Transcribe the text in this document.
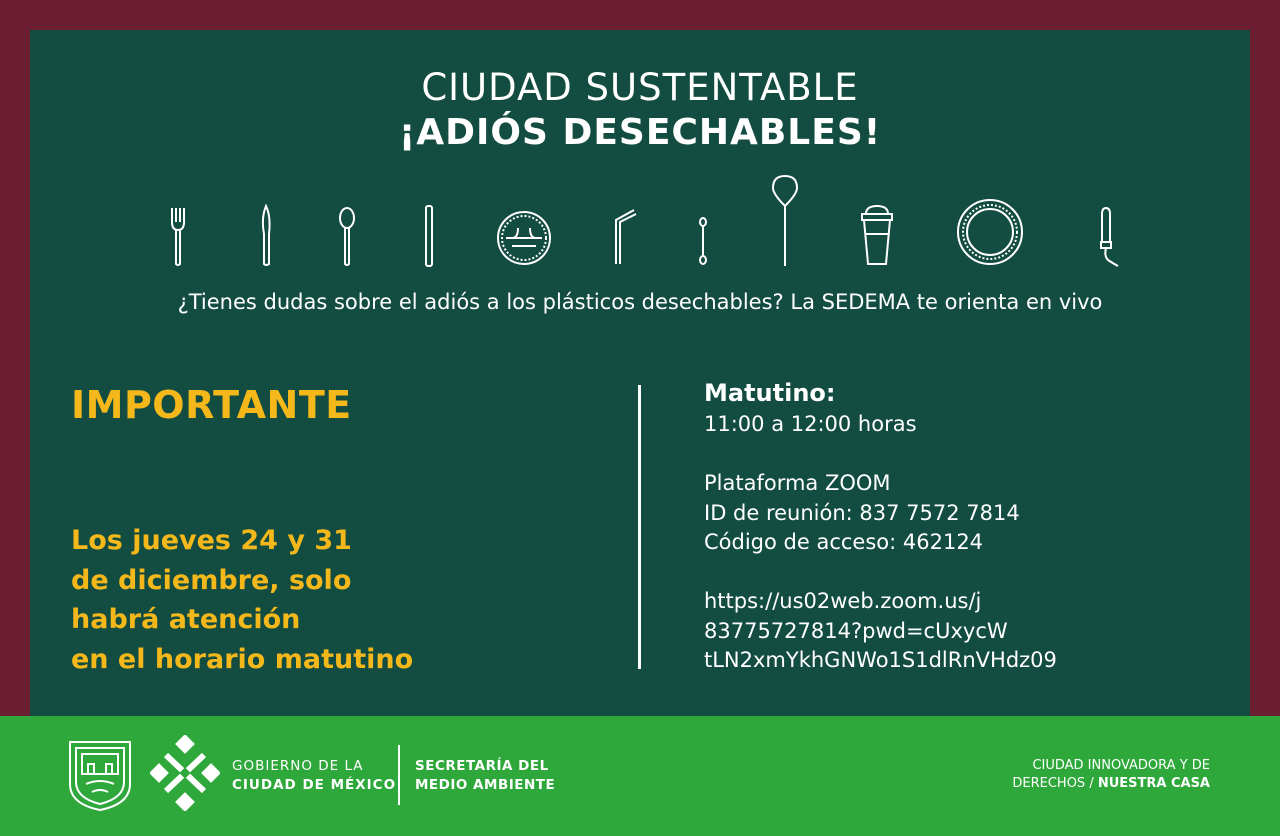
CIUDAD SUSTENTABLE
¡ADIÓS DESECHABLES!
¿Tienes dudas sobre el adiós a los plásticos desechables? La SEDEMA te orienta en vivo
IMPORTANTE
Los jueves 24 y 31
de diciembre, solo
habrá atención
en el horario matutino
Matutino:
11:00 a 12:00 horas
Plataforma ZOOM
ID de reunión: 837 7572 7814
Código de acceso: 462124
https://us02web.zoom.us/j
83775727814?pwd=cUxycW
tLN2xmYkhGNWo1S1dlRnVHdz09
GOBIERNO DE LA
CIUDAD DE MÉXICO
SECRETARÍA DEL
MEDIO AMBIENTE
CIUDAD INNOVADORA Y DE
DERECHOS / NUESTRA CASA
